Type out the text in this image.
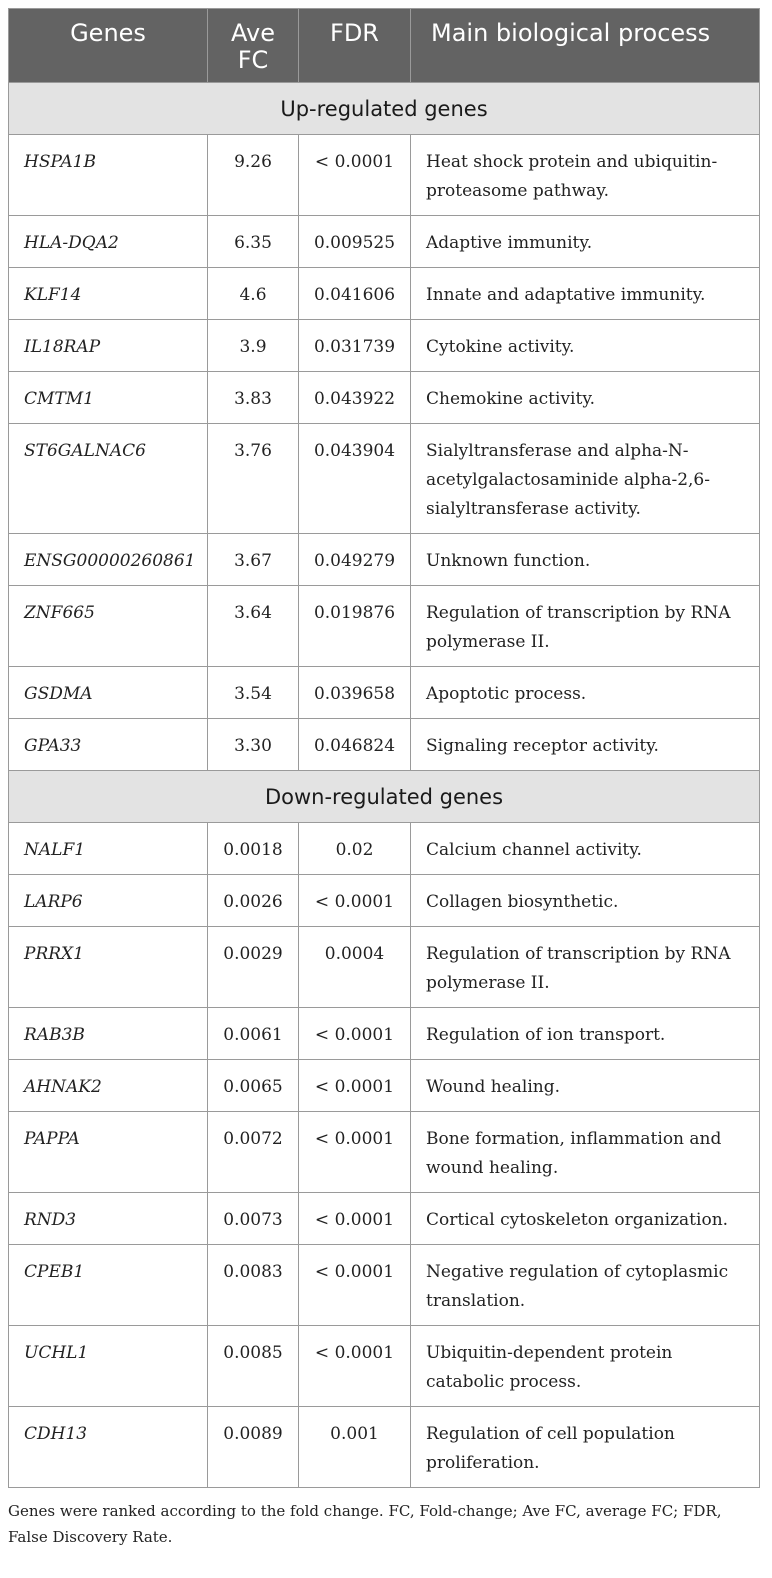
Genes	Ave FC	FDR	Main biological process
Up-regulated genes			
HSPA1B	9.26	< 0.0001	Heat shock protein and ubiquitin-proteasome pathway.
HLA-DQA2	6.35	0.009525	Adaptive immunity.
KLF14	4.6	0.041606	Innate and adaptative immunity.
IL18RAP	3.9	0.031739	Cytokine activity.
CMTM1	3.83	0.043922	Chemokine activity.
ST6GALNAC6	3.76	0.043904	Sialyltransferase and alpha-N-acetylgalactosaminide alpha-2,6-sialyltransferase activity.
ENSG00000260861	3.67	0.049279	Unknown function.
ZNF665	3.64	0.019876	Regulation of transcription by RNA polymerase II.
GSDMA	3.54	0.039658	Apoptotic process.
GPA33	3.30	0.046824	Signaling receptor activity.
Down-regulated genes			
NALF1	0.0018	0.02	Calcium channel activity.
LARP6	0.0026	< 0.0001	Collagen biosynthetic.
PRRX1	0.0029	0.0004	Regulation of transcription by RNA polymerase II.
RAB3B	0.0061	< 0.0001	Regulation of ion transport.
AHNAK2	0.0065	< 0.0001	Wound healing.
PAPPA	0.0072	< 0.0001	Bone formation, inflammation and wound healing.
RND3	0.0073	< 0.0001	Cortical cytoskeleton organization.
CPEB1	0.0083	< 0.0001	Negative regulation of cytoplasmic translation.
UCHL1	0.0085	< 0.0001	Ubiquitin-dependent protein catabolic process.
CDH13	0.0089	0.001	Regulation of cell population proliferation.
Genes were ranked according to the fold change. FC, Fold-change; Ave FC, average FC; FDR, False Discovery Rate.
